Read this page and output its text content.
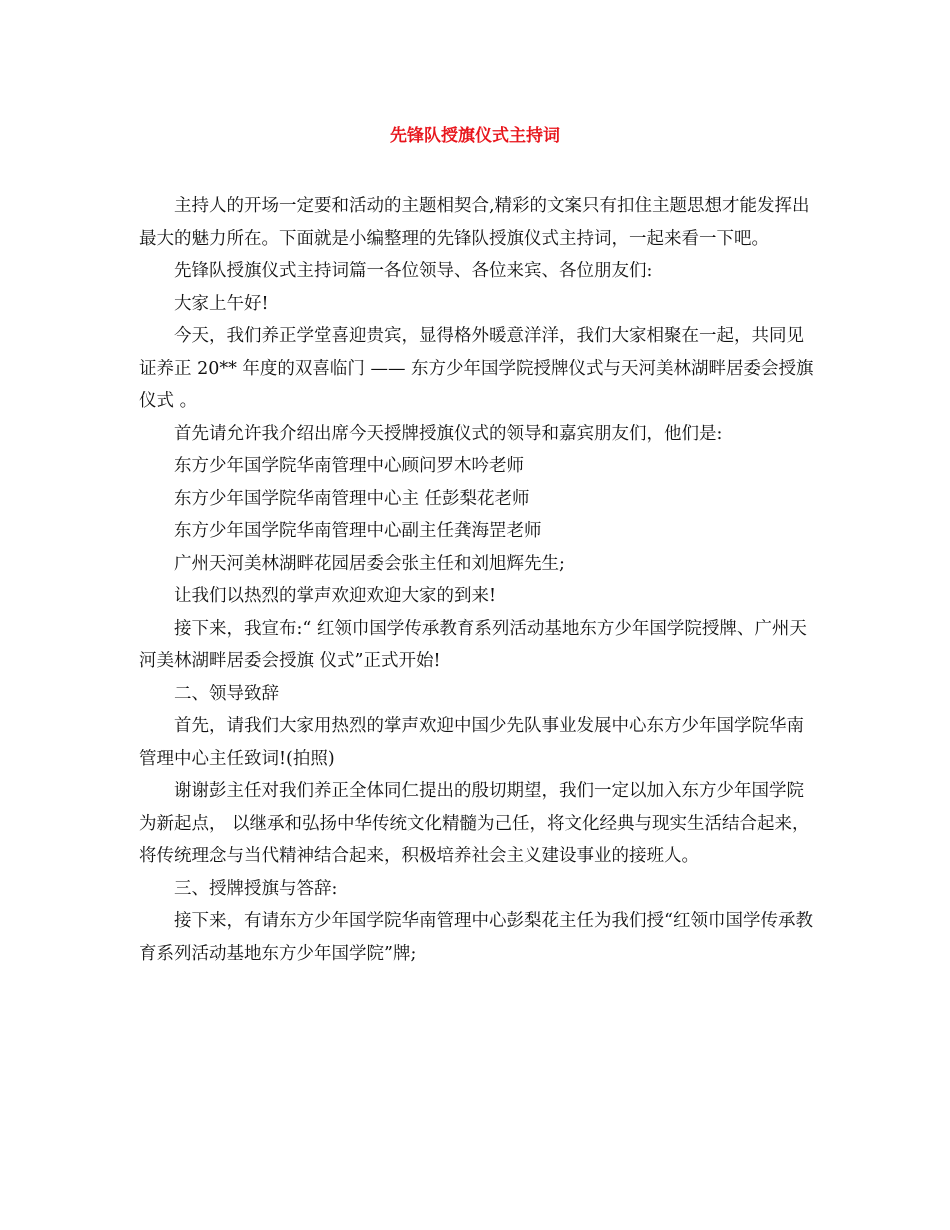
先锋队授旗仪式主持词

主持人的开场一定要和活动的主题相契合,精彩的文案只有扣住主题思想才能发挥出最大的魅力所在。下面就是小编整理的先锋队授旗仪式主持词，一起来看一下吧。

先锋队授旗仪式主持词篇一各位领导、各位来宾、各位朋友们:

大家上午好!

今天，我们养正学堂喜迎贵宾，显得格外暖意洋洋，我们大家相聚在一起，共同见证养正 20** 年度的双喜临门 —— 东方少年国学院授牌仪式与天河美林湖畔居委会授旗仪式 。

首先请允许我介绍出席今天授牌授旗仪式的领导和嘉宾朋友们，他们是:

东方少年国学院华南管理中心顾问罗木吟老师

东方少年国学院华南管理中心主 任彭梨花老师

东方少年国学院华南管理中心副主任龚海罡老师

广州天河美林湖畔花园居委会张主任和刘旭辉先生;

让我们以热烈的掌声欢迎欢迎大家的到来!

接下来，我宣布:“ 红领巾国学传承教育系列活动基地东方少年国学院授牌、广州天河美林湖畔居委会授旗 仪式”正式开始!

二、领导致辞

首先，请我们大家用热烈的掌声欢迎中国少先队事业发展中心东方少年国学院华南管理中心主任致词!(拍照)

谢谢彭主任对我们养正全体同仁提出的殷切期望，我们一定以加入东方少年国学院为新起点， 以继承和弘扬中华传统文化精髓为己任，将文化经典与现实生活结合起来，将传统理念与当代精神结合起来，积极培养社会主义建设事业的接班人。

三、授牌授旗与答辞:

接下来，有请东方少年国学院华南管理中心彭梨花主任为我们授“红领巾国学传承教育系列活动基地东方少年国学院”牌;
